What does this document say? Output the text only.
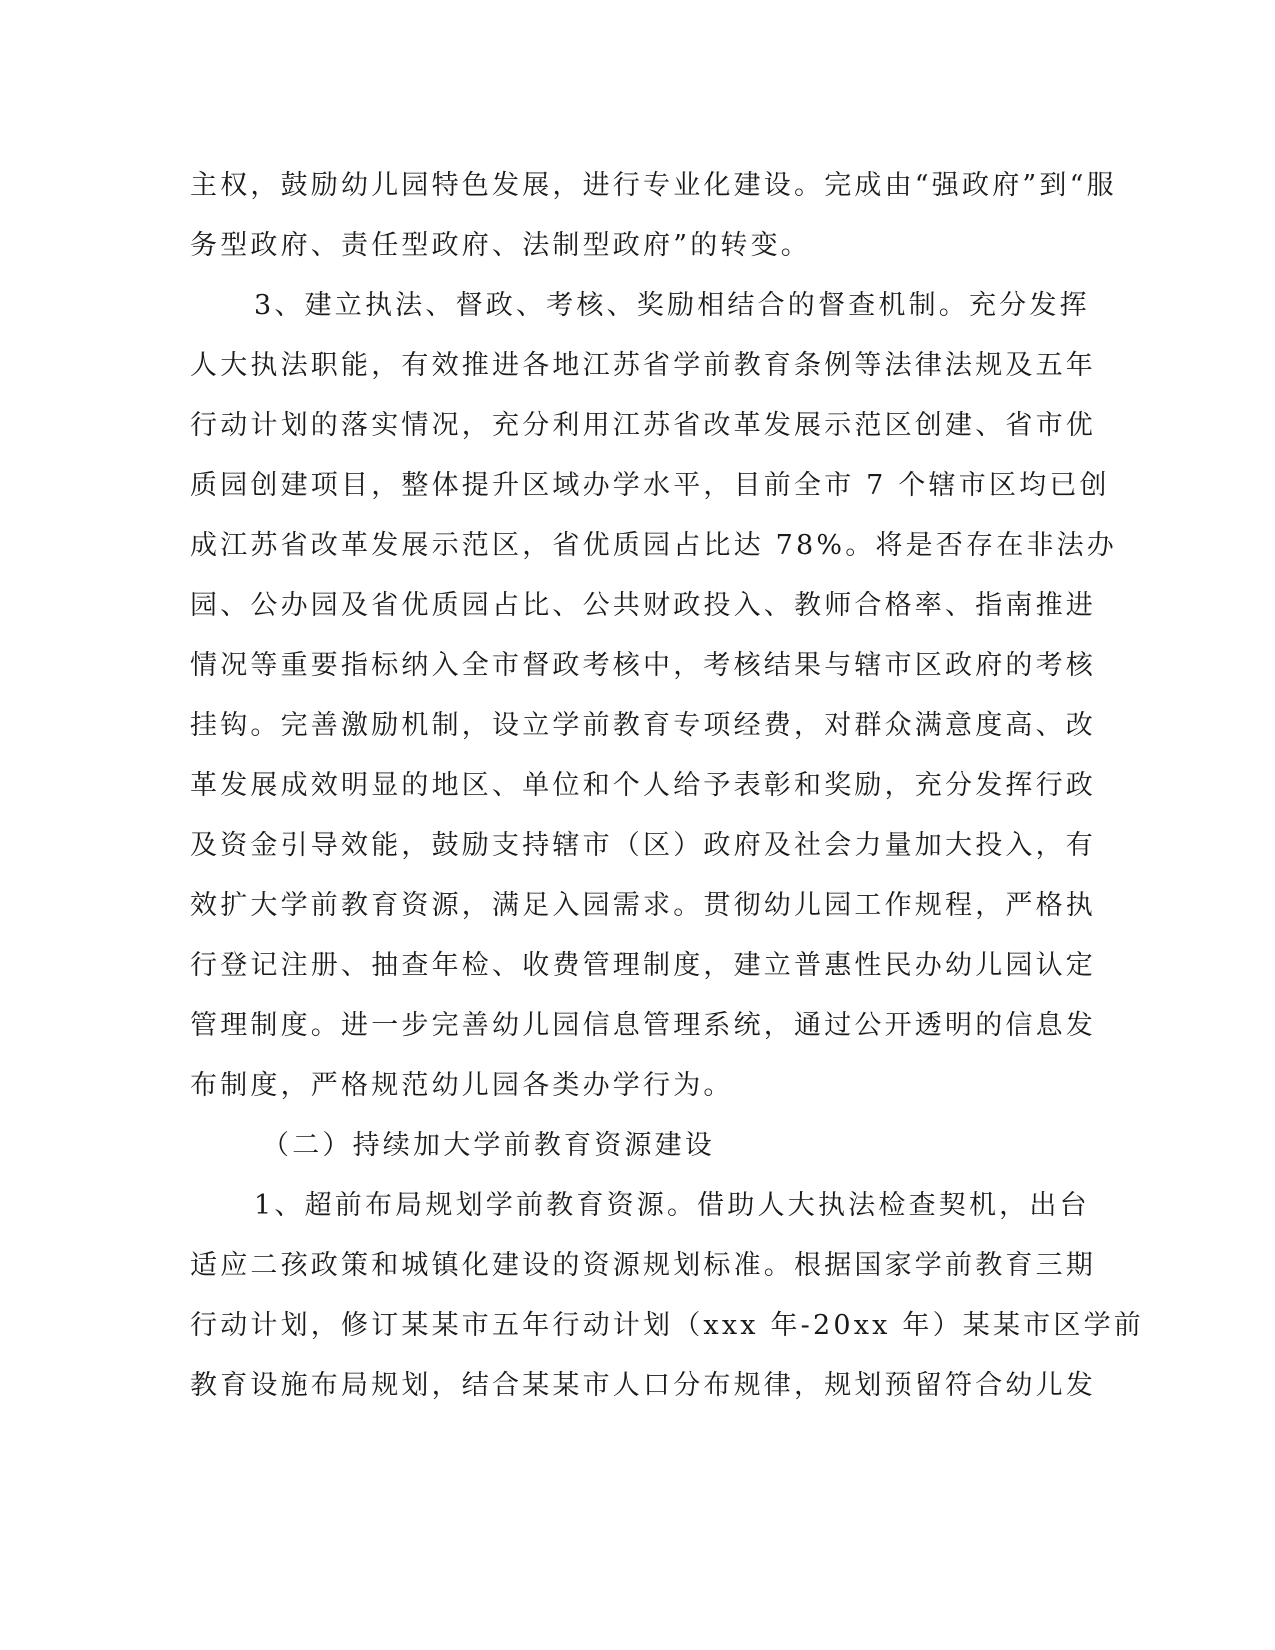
主权，鼓励幼儿园特色发展，进行专业化建设。完成由“强政府”到“服
务型政府、责任型政府、法制型政府”的转变。
3、建立执法、督政、考核、奖励相结合的督查机制。充分发挥
人大执法职能，有效推进各地江苏省学前教育条例等法律法规及五年
行动计划的落实情况，充分利用江苏省改革发展示范区创建、省市优
质园创建项目，整体提升区域办学水平，目前全市 7 个辖市区均已创
成江苏省改革发展示范区，省优质园占比达 78%。将是否存在非法办
园、公办园及省优质园占比、公共财政投入、教师合格率、指南推进
情况等重要指标纳入全市督政考核中，考核结果与辖市区政府的考核
挂钩。完善激励机制，设立学前教育专项经费，对群众满意度高、改
革发展成效明显的地区、单位和个人给予表彰和奖励，充分发挥行政
及资金引导效能，鼓励支持辖市（区）政府及社会力量加大投入，有
效扩大学前教育资源，满足入园需求。贯彻幼儿园工作规程，严格执
行登记注册、抽查年检、收费管理制度，建立普惠性民办幼儿园认定
管理制度。进一步完善幼儿园信息管理系统，通过公开透明的信息发
布制度，严格规范幼儿园各类办学行为。
（二）持续加大学前教育资源建设
1、超前布局规划学前教育资源。借助人大执法检查契机，出台
适应二孩政策和城镇化建设的资源规划标准。根据国家学前教育三期
行动计划，修订某某市五年行动计划（xxx 年-20xx 年）某某市区学前
教育设施布局规划，结合某某市人口分布规律，规划预留符合幼儿发
